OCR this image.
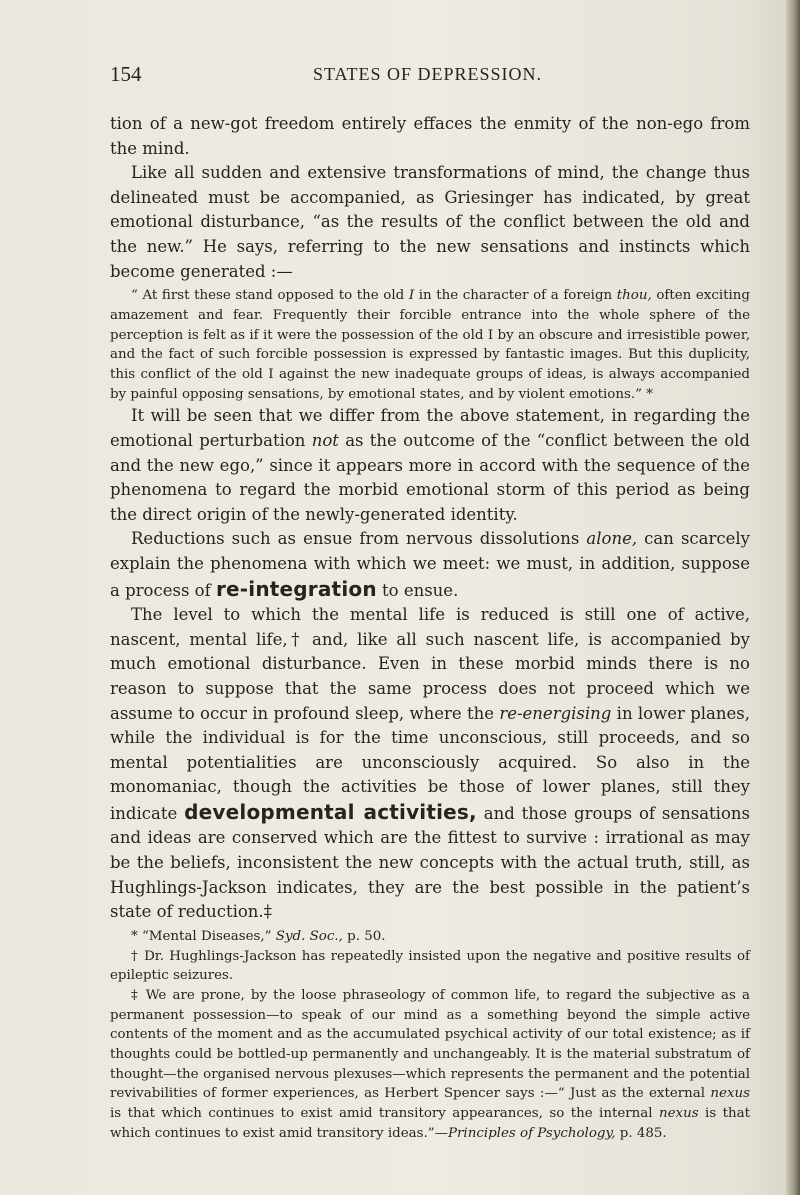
154	STATES OF DEPRESSION.

tion of a new-got freedom entirely effaces the enmity of the non-ego from the mind.

Like all sudden and extensive transformations of mind, the change thus delineated must be accompanied, as Griesinger has indicated, by great emotional disturbance, “as the results of the conflict between the old and the new.” He says, referring to the new sensations and instincts which become generated :—

“ At first these stand opposed to the old I in the character of a foreign thou, often exciting amazement and fear. Frequently their forcible entrance into the whole sphere of the perception is felt as if it were the possession of the old I by an obscure and irresistible power, and the fact of such forcible possession is expressed by fantastic images. But this duplicity, this conflict of the old I against the new inadequate groups of ideas, is always accompanied by painful opposing sensations, by emotional states, and by violent emotions.” *

It will be seen that we differ from the above statement, in regarding the emotional perturbation not as the outcome of the “conflict between the old and the new ego,” since it appears more in accord with the sequence of the phenomena to regard the morbid emotional storm of this period as being the direct origin of the newly-generated identity.

Reductions such as ensue from nervous dissolutions alone, can scarcely explain the phenomena with which we meet: we must, in addition, suppose a process of re-integration to ensue.

The level to which the mental life is reduced is still one of active, nascent, mental life,† and, like all such nascent life, is accompanied by much emotional disturbance. Even in these morbid minds there is no reason to suppose that the same process does not proceed which we assume to occur in profound sleep, where the re-energising in lower planes, while the individual is for the time unconscious, still proceeds, and so mental potentialities are unconsciously acquired. So also in the monomaniac, though the activities be those of lower planes, still they indicate developmental activities, and those groups of sensations and ideas are conserved which are the fittest to survive : irrational as may be the beliefs, inconsistent the new concepts with the actual truth, still, as Hughlings-Jackson indicates, they are the best possible in the patient’s state of reduction.‡

* “Mental Diseases,” Syd. Soc., p. 50.

† Dr. Hughlings-Jackson has repeatedly insisted upon the negative and positive results of epileptic seizures.

‡ We are prone, by the loose phraseology of common life, to regard the subjective as a permanent possession—to speak of our mind as a something beyond the simple active contents of the moment and as the accumulated psychical activity of our total existence; as if thoughts could be bottled-up permanently and unchangeably. It is the material substratum of thought—the organised nervous plexuses—which represents the permanent and the potential revivabilities of former experiences, as Herbert Spencer says :—“ Just as the external nexus is that which continues to exist amid transitory appearances, so the internal nexus is that which continues to exist amid transitory ideas.”—Principles of Psychology, p. 485.
